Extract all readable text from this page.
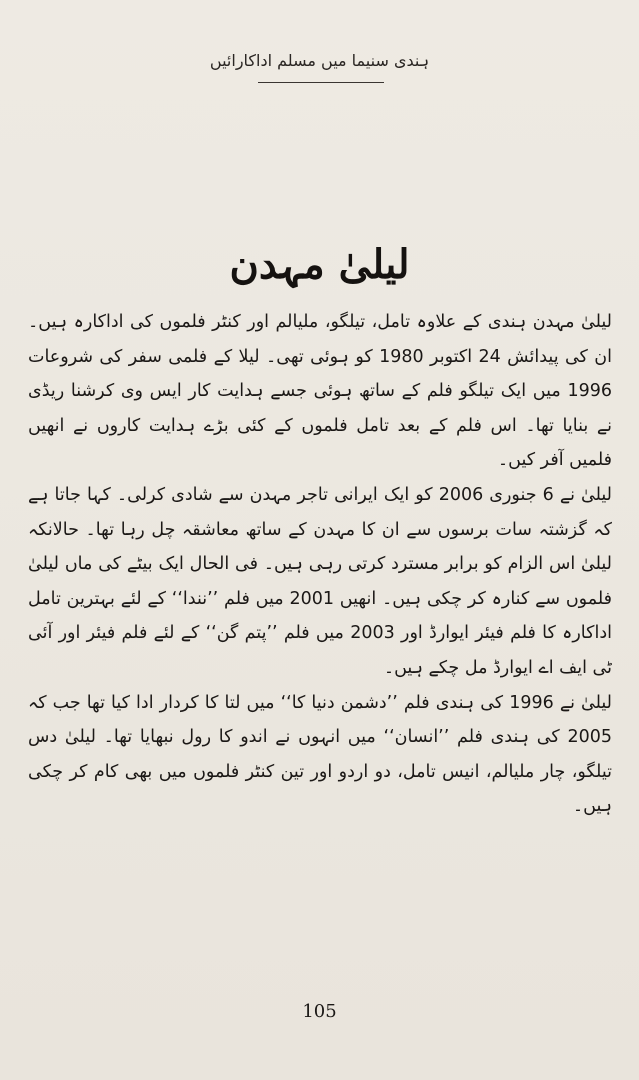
ہندی سنیما میں مسلم اداکارائیں
لیلیٰ مہدن

لیلیٰ مہدن ہندی کے علاوہ تامل، تیلگو، ملیالم اور کنٹر فلموں کی اداکارہ ہیں۔ ان کی پیدائش 24 اکتوبر 1980 کو ہوئی تھی۔ لیلا کے فلمی سفر کی شروعات 1996 میں ایک تیلگو فلم کے ساتھ ہوئی جسے ہدایت کار ایس وی کرشنا ریڈی نے بنایا تھا۔ اس فلم کے بعد تامل فلموں کے کئی بڑے ہدایت کاروں نے انھیں فلمیں آفر کیں۔

لیلیٰ نے 6 جنوری 2006 کو ایک ایرانی تاجر مہدن سے شادی کرلی۔ کہا جاتا ہے کہ گزشتہ سات برسوں سے ان کا مہدن کے ساتھ معاشقہ چل رہا تھا۔ حالانکہ لیلیٰ اس الزام کو برابر مسترد کرتی رہی ہیں۔ فی الحال ایک بیٹے کی ماں لیلیٰ فلموں سے کنارہ کر چکی ہیں۔ انھیں 2001 میں فلم ’’نندا‘‘ کے لئے بہترین تامل اداکارہ کا فلم فیئر ایوارڈ اور 2003 میں فلم ’’پتم گن‘‘ کے لئے فلم فیئر اور آئی ٹی ایف اے ایوارڈ مل چکے ہیں۔

لیلیٰ نے 1996 کی ہندی فلم ’’دشمن دنیا کا‘‘ میں لتا کا کردار ادا کیا تھا جب کہ 2005 کی ہندی فلم ’’انسان‘‘ میں انہوں نے اندو کا رول نبھایا تھا۔ لیلیٰ دس تیلگو، چار ملیالم، انیس تامل، دو اردو اور تین کنٹر فلموں میں بھی کام کر چکی ہیں۔

105
